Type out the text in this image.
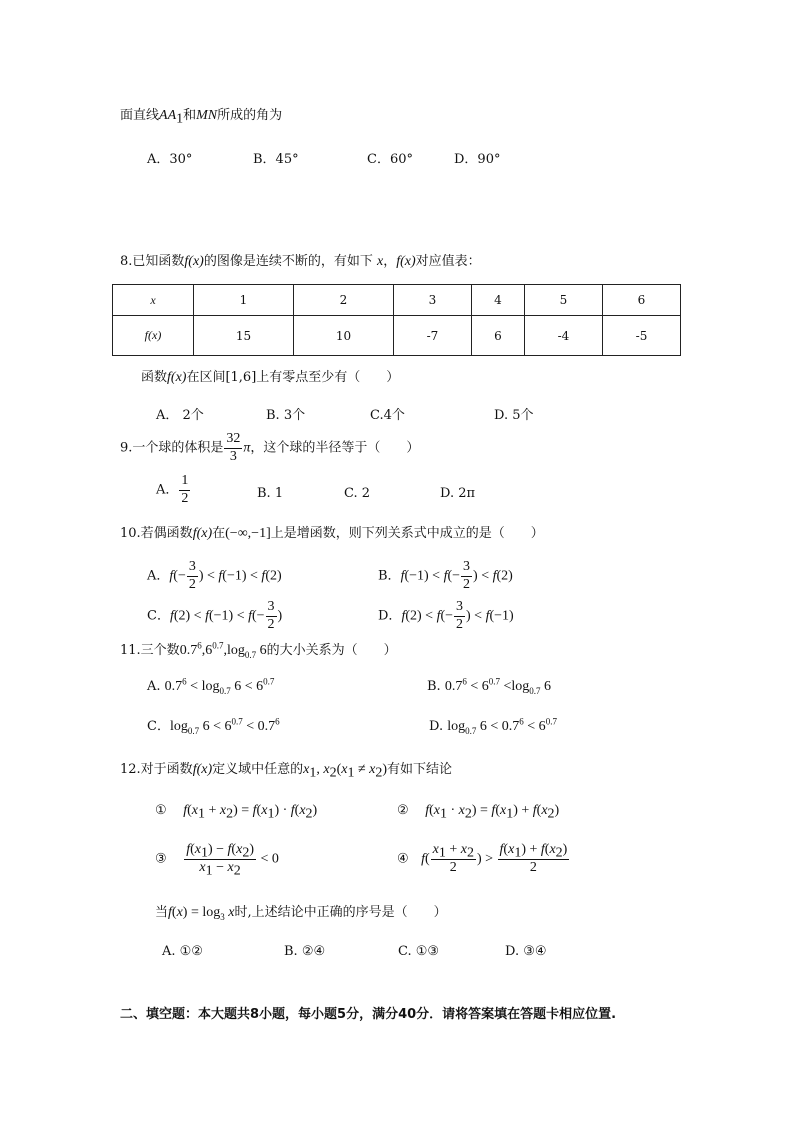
面直线$AA_1$和MN所成的角为
A．30°	B．45°	C．60°	D．90°
8.已知函数f(x)的图像是连续不断的，有如下 x，f(x)对应值表：
x	1	2	3	4	5	6
f(x)	15	10	-7	6	-4	-5
函数f(x)在区间[1,6]上有零点至少有（　　）
A． 2个	B. 3个	C.4个	D. 5个
9.一个球的体积是 $\frac{32}{3}$ π，这个球的半径等于（　　）
A． $\frac{1}{2}$	B. 1	C. 2	D. 2π
10.若偶函数f(x)在(−∞,−1]上是增函数，则下列关系式中成立的是（　　）
A．$f(- \frac{3}{2}$ ) < f(−1) < f(2)	B．$f(-1) < f(- \frac{3}{2}$ ) < f(2)
C．$f(2) < f(-1) < f(- \frac{3}{2}$ )	D．$f(2) < f(- \frac{3}{2}$ ) < f(−1)
11.三个数$0.7^6,6^{0.7},\log_{0.7}$ 6的大小关系为（　　）
A. $0.7^6 < \log_{0.7} 6 < 6^{0.7}$	B. $0.7^6 < 6^{0.7} <\log_{0.7}$ 6
C．$\log_{0.7} 6 < 6^{0.7} < 0.7^6$	D. $\log_{0.7} 6 < 0.7^6 < 6^{0.7}$
12.对于函数f(x)定义域中任意的$x_1$, $x_2(x_1 \ne x_2)$有如下结论
① $f(x_1 + x_2) = f(x_1) \cdot f(x_2)$	② $f(x_1 \cdot x_2) = f(x_1) + f(x_2)$
③ $\frac{f(x_1) - f(x_2)}{x_1 - x_2} < 0$	④ $f( \frac{x_1 + x_2}{2}$ ) > $\frac{f(x_1) + f(x_2)}{2}$
当$f(x) = \log_3 x$时,上述结论中正确的序号是（　　）
A. ①②	B. ②④	C. ①③	D. ③④
二、填空题：本大题共8小题，每小题5分，满分40分．请将答案填在答题卡相应位置.
